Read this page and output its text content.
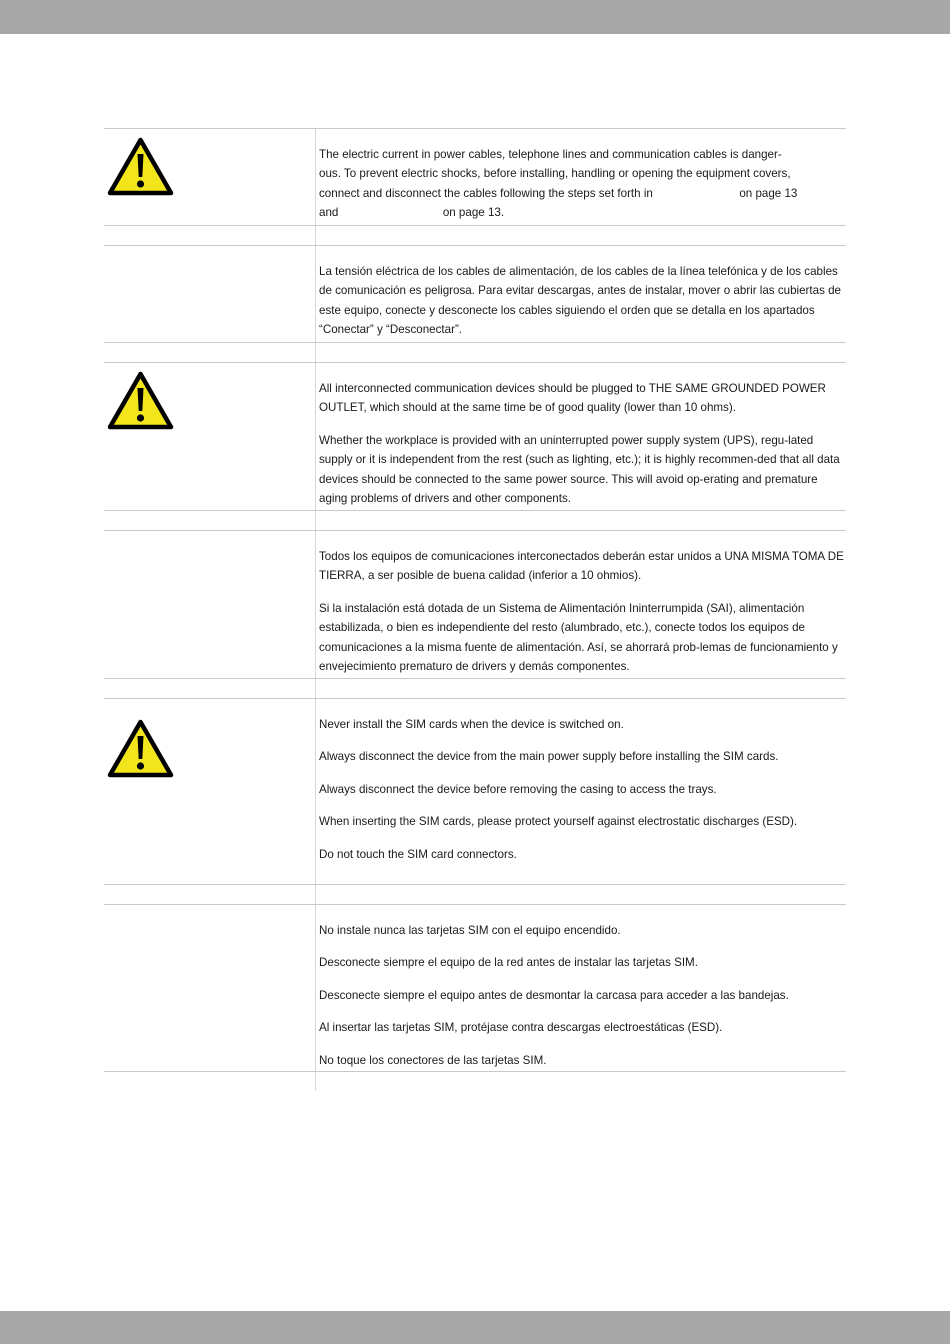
The electric current in power cables, telephone lines and communication cables is danger-
ous. To prevent electric shocks, before installing, handling or opening the equipment covers,
connect and disconnect the cables following the steps set forth in	on page 13
and	on page 13.

La tensión eléctrica de los cables de alimentación, de los cables de la línea telefónica y de los cables de comunicación es peligrosa. Para evitar descargas, antes de instalar, mover o abrir las cubiertas de este equipo, conecte y desconecte los cables siguiendo el orden que se detalla en los apartados “Conectar” y “Desconectar”.

All interconnected communication devices should be plugged to THE SAME GROUNDED POWER OUTLET, which should at the same time be of good quality (lower than 10 ohms).

Whether the workplace is provided with an uninterrupted power supply system (UPS), regu-lated supply or it is independent from the rest (such as lighting, etc.); it is highly recommen-ded that all data devices should be connected to the same power source. This will avoid op-erating and premature aging problems of drivers and other components.

Todos los equipos de comunicaciones interconectados deberán estar unidos a UNA MISMA TOMA DE TIERRA, a ser posible de buena calidad (inferior a 10 ohmios).

Si la instalación está dotada de un Sistema de Alimentación Ininterrumpida (SAI), alimentación estabilizada, o bien es independiente del resto (alumbrado, etc.), conecte todos los equipos de comunicaciones a la misma fuente de alimentación. Así, se ahorrará prob-lemas de funcionamiento y envejecimiento prematuro de drivers y demás componentes.

Never install the SIM cards when the device is switched on.

Always disconnect the device from the main power supply before installing the SIM cards.

Always disconnect the device before removing the casing to access the trays.

When inserting the SIM cards, please protect yourself against electrostatic discharges (ESD).

Do not touch the SIM card connectors.

No instale nunca las tarjetas SIM con el equipo encendido.

Desconecte siempre el equipo de la red antes de instalar las tarjetas SIM.

Desconecte siempre el equipo antes de desmontar la carcasa para acceder a las bandejas.

Al insertar las tarjetas SIM, protéjase contra descargas electroestáticas (ESD).

No toque los conectores de las tarjetas SIM.
